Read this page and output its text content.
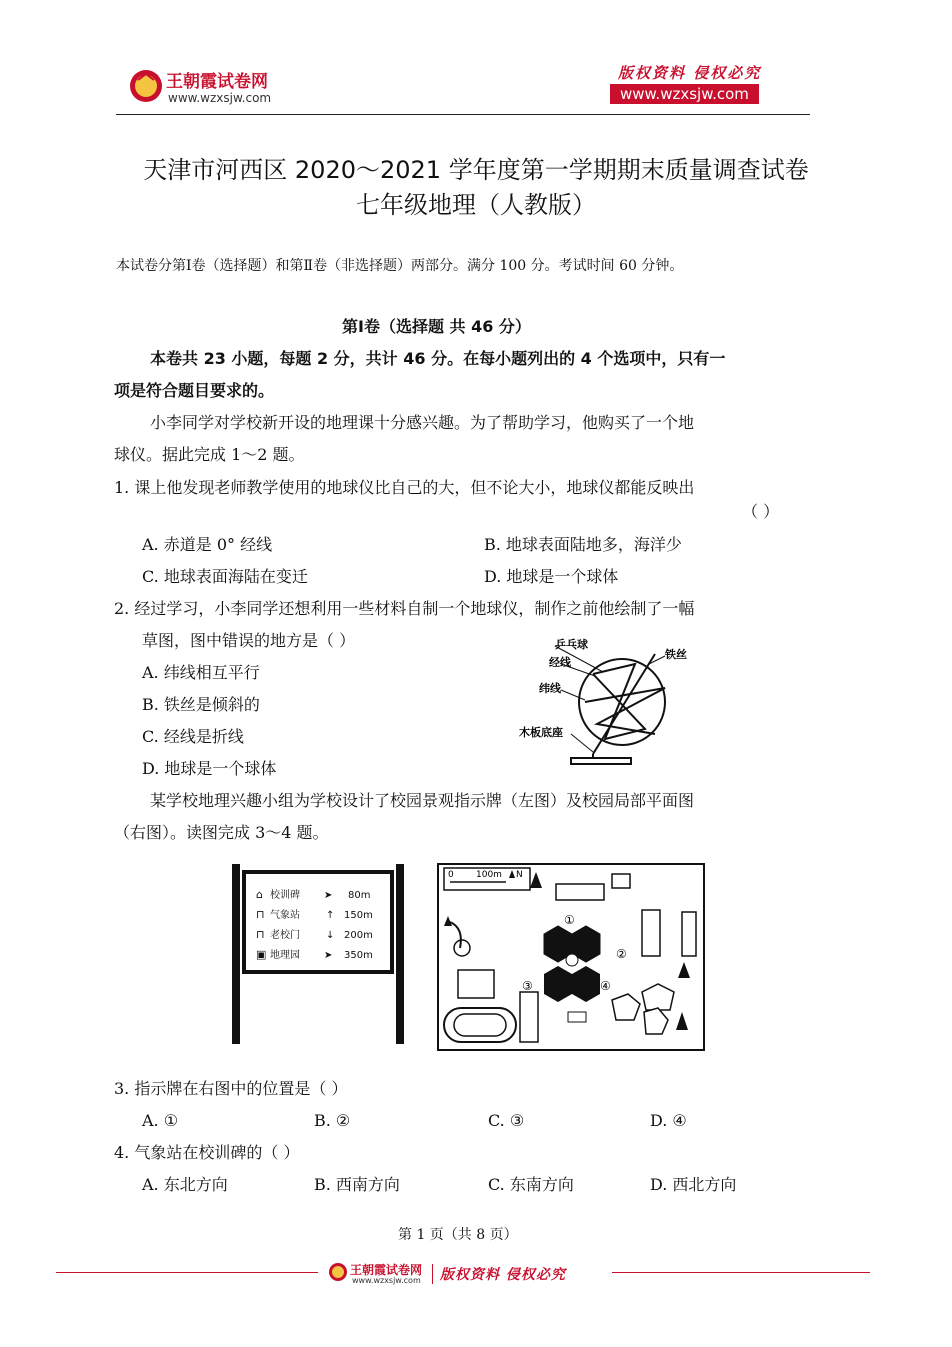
王朝霞试卷网
www.wzxsjw.com
版权资料 侵权必究
www.wzxsjw.com
天津市河西区 2020～2021 学年度第一学期期末质量调查试卷
七年级地理（人教版）
本试卷分第Ⅰ卷（选择题）和第Ⅱ卷（非选择题）两部分。满分 100 分。考试时间 60 分钟。
第Ⅰ卷（选择题 共 46 分）
本卷共 23 小题，每题 2 分，共计 46 分。在每小题列出的 4 个选项中，只有一
项是符合题目要求的。
小李同学对学校新开设的地理课十分感兴趣。为了帮助学习，他购买了一个地
球仪。据此完成 1～2 题。
1. 课上他发现老师教学使用的地球仪比自己的大，但不论大小，地球仪都能反映出
（ ）
A. 赤道是 0° 经线	B. 地球表面陆地多，海洋少
C. 地球表面海陆在变迁	D. 地球是一个球体
2. 经过学习，小李同学还想利用一些材料自制一个地球仪，制作之前他绘制了一幅
草图，图中错误的地方是（ ）
A. 纬线相互平行
B. 铁丝是倾斜的
C. 经线是折线
D. 地球是一个球体
乒乓球
经线
铁丝
纬线
木板底座
某学校地理兴趣小组为学校设计了校园景观指示牌（左图）及校园局部平面图
（右图）。读图完成 3～4 题。
⌂ 校训碑 ➤ 80m
⊓ 气象站	↑ 150m
⊓ 老校门	↓ 200m
▣ 地理园 ➤ 350m
0 100m N
①
②
③	④
3. 指示牌在右图中的位置是（ ）
A. ①	B. ②	C. ③	D. ④
4. 气象站在校训碑的（ ）
A. 东北方向	B. 西南方向	C. 东南方向	D. 西北方向
第 1 页（共 8 页）
王朝霞试卷网
www.wzxsjw.com 版权资料 侵权必究
